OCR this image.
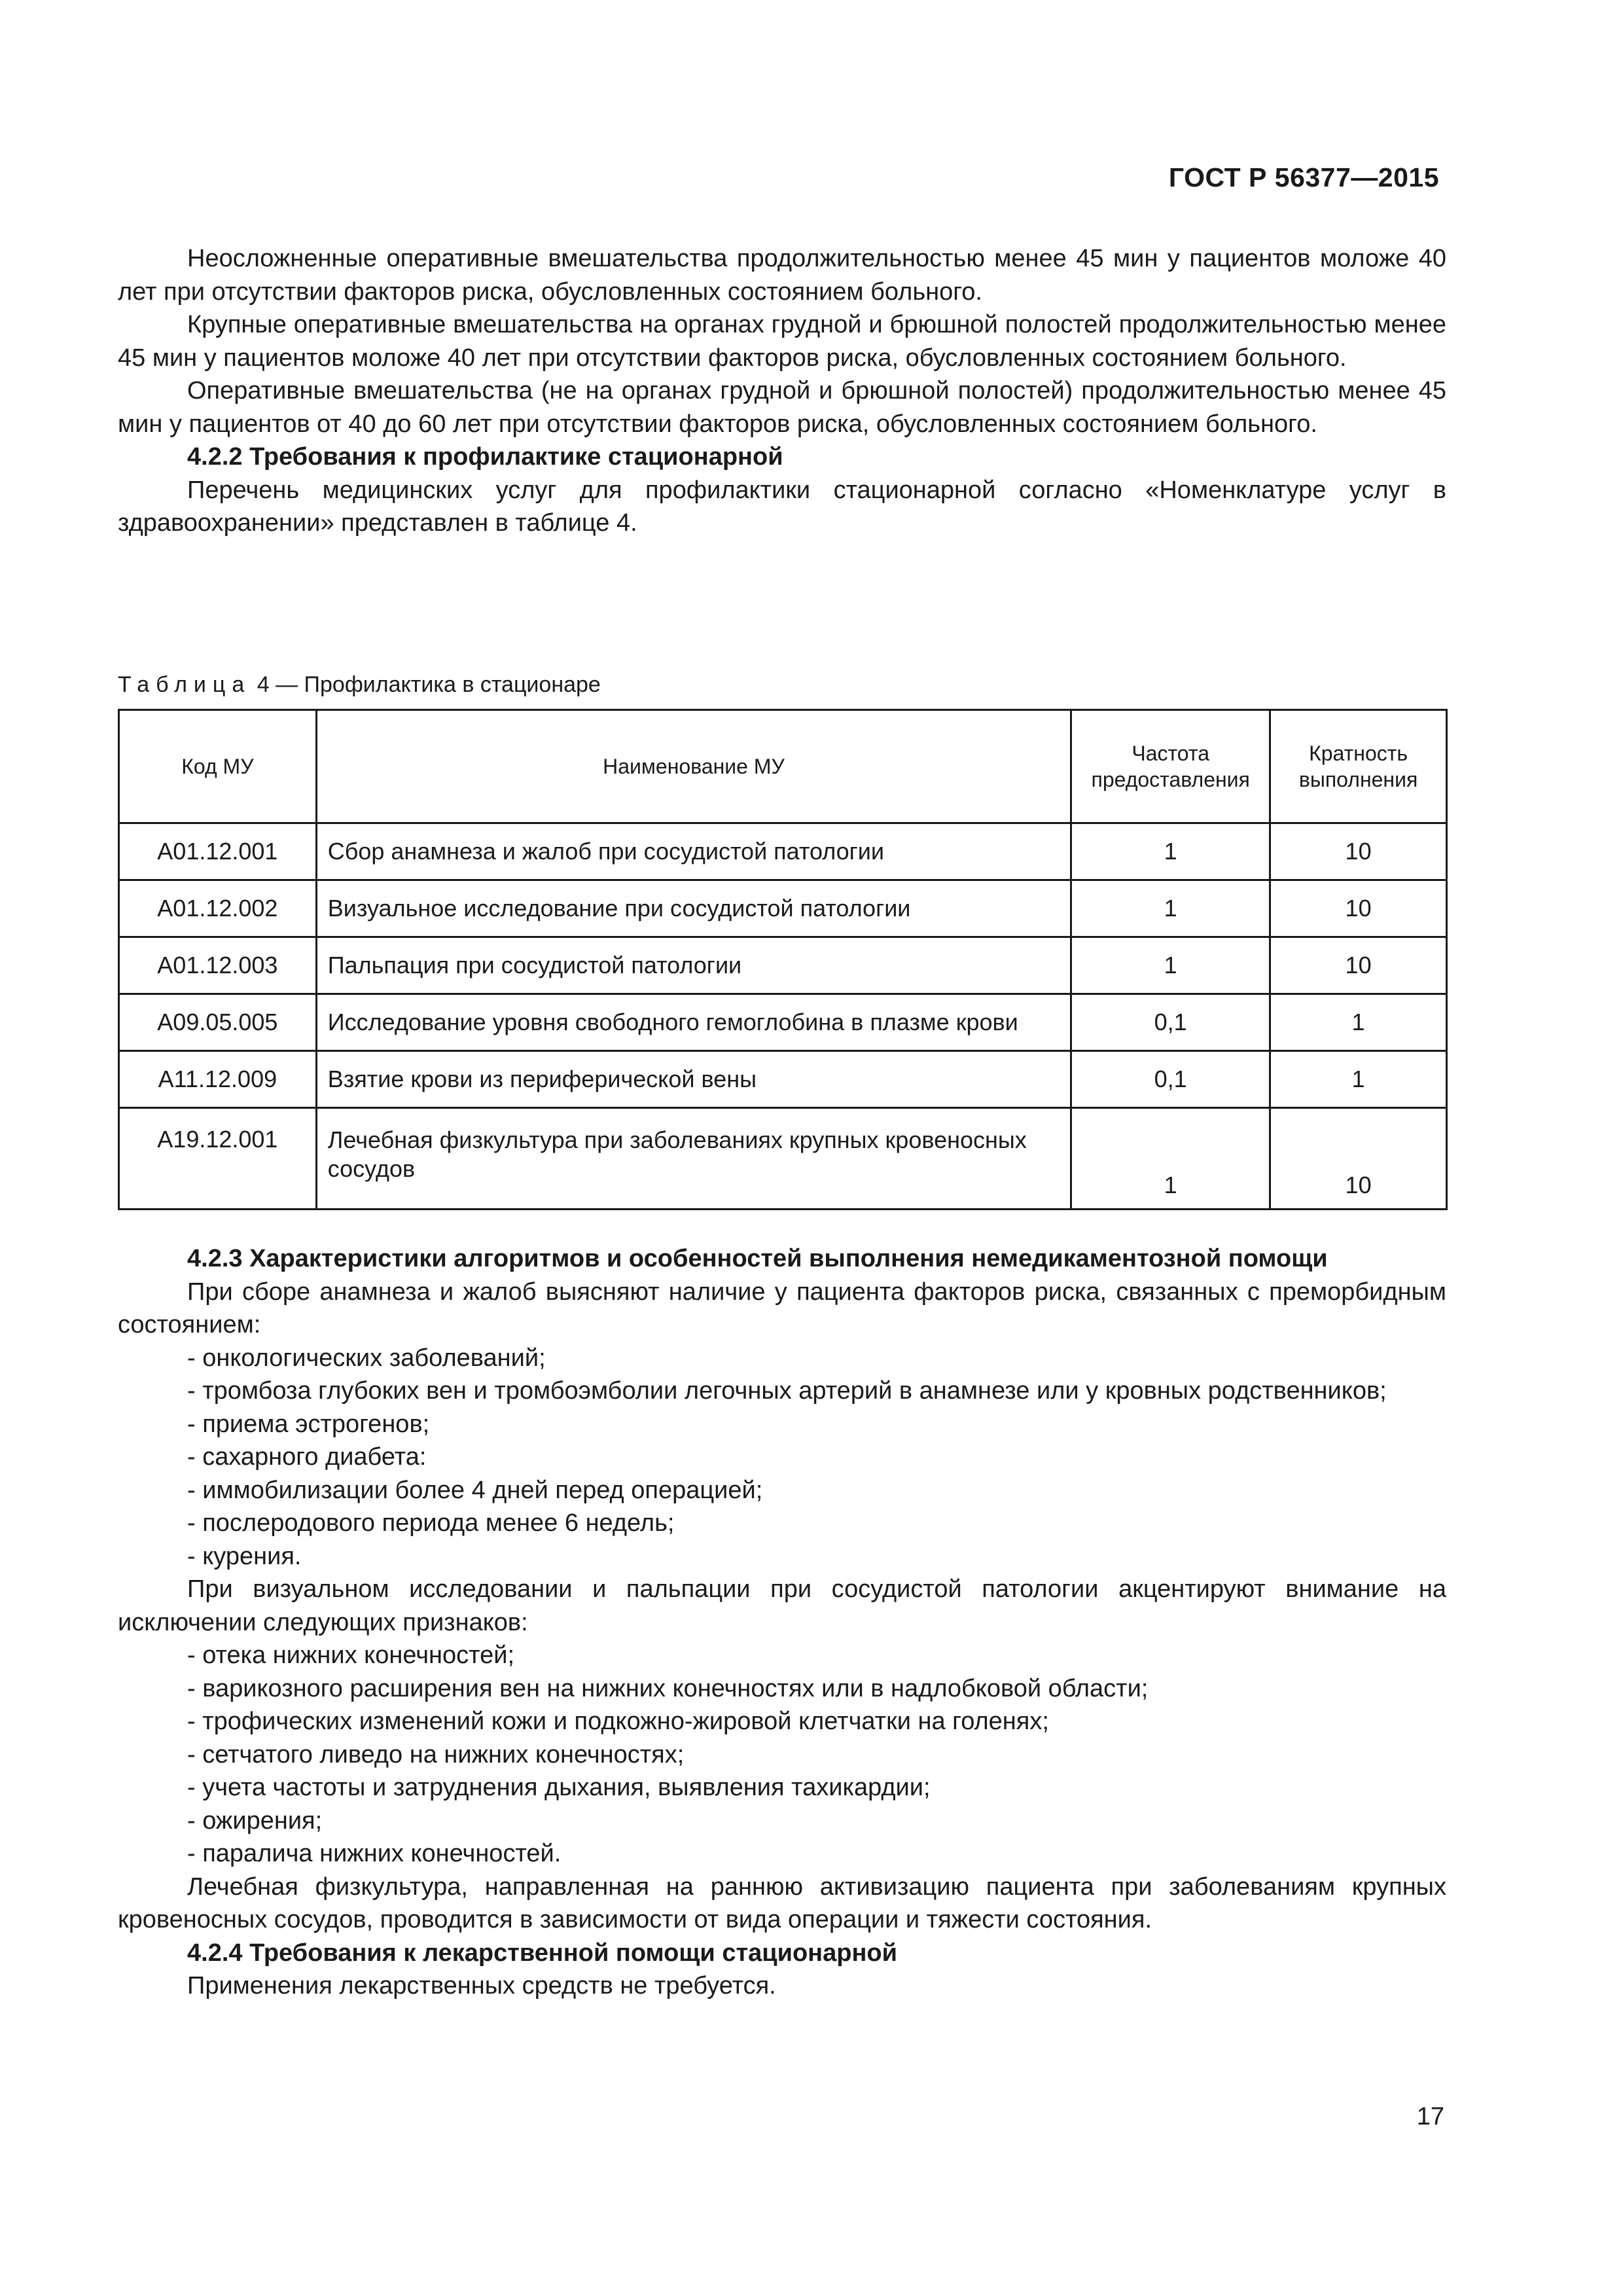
ГОСТ Р 56377—2015

Неосложненные оперативные вмешательства продолжительностью менее 45 мин у пациентов моложе 40 лет при отсутствии факторов риска, обусловленных состоянием больного.

Крупные оперативные вмешательства на органах грудной и брюшной полостей продолжительностью менее 45 мин у пациентов моложе 40 лет при отсутствии факторов риска, обусловленных состоянием больного.

Оперативные вмешательства (не на органах грудной и брюшной полостей) продолжительностью менее 45 мин у пациентов от 40 до 60 лет при отсутствии факторов риска, обусловленных состоянием больного.

4.2.2 Требования к профилактике стационарной

Перечень медицинских услуг для профилактики стационарной согласно «Номенклатуре услуг в здравоохранении» представлен в таблице 4.

Таблица 4 — Профилактика в стационаре
Код МУ	Наименование МУ	Частота предоставления	Кратность выполнения
A01.12.001	Сбор анамнеза и жалоб при сосудистой патологии	1	10
A01.12.002	Визуальное исследование при сосудистой патологии	1	10
A01.12.003	Пальпация при сосудистой патологии	1	10
A09.05.005	Исследование уровня свободного гемоглобина в плазме крови	0,1	1
A11.12.009	Взятие крови из периферической вены	0,1	1
A19.12.001	Лечебная физкультура при заболеваниях крупных кровеносных сосудов	1	10

4.2.3 Характеристики алгоритмов и особенностей выполнения немедикаментозной помощи

При сборе анамнеза и жалоб выясняют наличие у пациента факторов риска, связанных с преморбидным состоянием:

- онкологических заболеваний;

- тромбоза глубоких вен и тромбоэмболии легочных артерий в анамнезе или у кровных родственников;

- приема эстрогенов;

- сахарного диабета:

- иммобилизации более 4 дней перед операцией;

- послеродового периода менее 6 недель;

- курения.

При визуальном исследовании и пальпации при сосудистой патологии акцентируют внимание на исключении следующих признаков:

- отека нижних конечностей;

- варикозного расширения вен на нижних конечностях или в надлобковой области;

- трофических изменений кожи и подкожно-жировой клетчатки на голенях;

- сетчатого ливедо на нижних конечностях;

- учета частоты и затруднения дыхания, выявления тахикардии;

- ожирения;

- паралича нижних конечностей.

Лечебная физкультура, направленная на раннюю активизацию пациента при заболеваниям крупных кровеносных сосудов, проводится в зависимости от вида операции и тяжести состояния.

4.2.4 Требования к лекарственной помощи стационарной

Применения лекарственных средств не требуется.

17
